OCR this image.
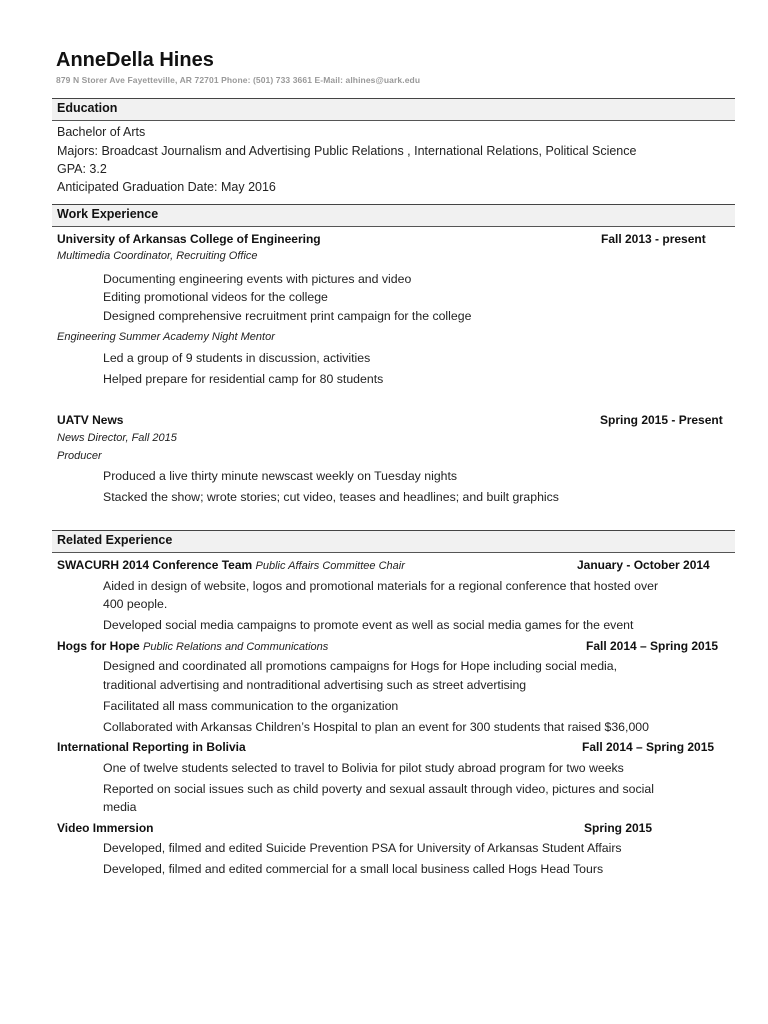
AnneDella Hines
879 N Storer Ave Fayetteville, AR 72701 Phone: (501) 733 3661 E-Mail: alhines@uark.edu
Education
Bachelor of Arts
Majors: Broadcast Journalism and Advertising Public Relations , International Relations, Political Science
GPA: 3.2
Anticipated Graduation Date: May 2016
Work Experience
University of Arkansas College of Engineering	Fall 2013 - present
Multimedia Coordinator, Recruiting Office
Documenting engineering events with pictures and video
Editing promotional videos for the college
Designed comprehensive recruitment print campaign for the college
Engineering Summer Academy Night Mentor
Led a group of 9 students in discussion, activities
Helped prepare for residential camp for 80 students
UATV News	Spring 2015 - Present
News Director, Fall 2015
Producer
Produced a live thirty minute newscast weekly on Tuesday nights
Stacked the show; wrote stories; cut video, teases and headlines; and built graphics
Related Experience
SWACURH 2014 Conference Team Public Affairs Committee Chair	January - October 2014
Aided in design of website, logos and promotional materials for a regional conference that hosted over
400 people.
Developed social media campaigns to promote event as well as social media games for the event
Hogs for Hope Public Relations and Communications	Fall 2014 – Spring 2015
Designed and coordinated all promotions campaigns for Hogs for Hope including social media,
traditional advertising and nontraditional advertising such as street advertising
Facilitated all mass communication to the organization
Collaborated with Arkansas Children’s Hospital to plan an event for 300 students that raised $36,000
International Reporting in Bolivia	Fall 2014 – Spring 2015
One of twelve students selected to travel to Bolivia for pilot study abroad program for two weeks
Reported on social issues such as child poverty and sexual assault through video, pictures and social
media
Video Immersion	Spring 2015
Developed, filmed and edited Suicide Prevention PSA for University of Arkansas Student Affairs
Developed, filmed and edited commercial for a small local business called Hogs Head Tours
